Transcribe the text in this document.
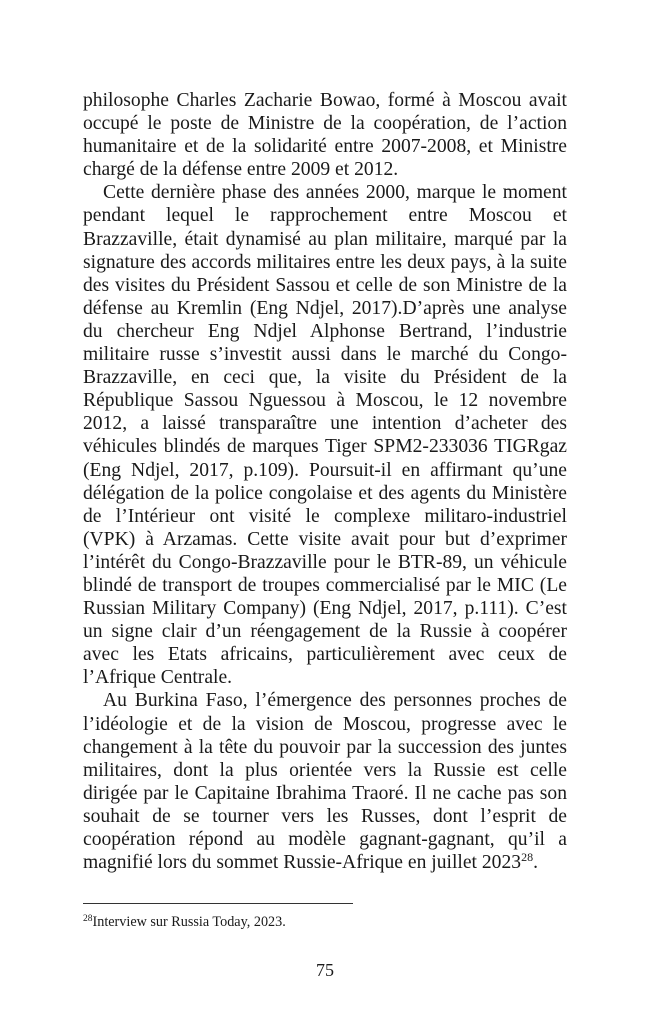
philosophe Charles Zacharie Bowao, formé à Moscou avait occupé le poste de Ministre de la coopération, de l’action humanitaire et de la solidarité entre 2007-2008, et Ministre chargé de la défense entre 2009 et 2012.

Cette dernière phase des années 2000, marque le moment pendant lequel le rapprochement entre Moscou et Brazzaville, était dynamisé au plan militaire, marqué par la signature des accords militaires entre les deux pays, à la suite des visites du Président Sassou et celle de son Ministre de la défense au Kremlin (Eng Ndjel, 2017).D’après une analyse du chercheur Eng Ndjel Alphonse Bertrand, l’industrie militaire russe s’investit aussi dans le marché du Congo-Brazzaville, en ceci que, la visite du Président de la République Sassou Nguessou à Moscou, le 12 novembre 2012, a laissé transparaître une intention d’acheter des véhicules blindés de marques Tiger SPM2-233036 TIGRgaz (Eng Ndjel, 2017, p.109). Poursuit-il en affirmant qu’une délégation de la police congolaise et des agents du Ministère de l’Intérieur ont visité le complexe militaro-industriel (VPK) à Arzamas. Cette visite avait pour but d’exprimer l’intérêt du Congo-Brazzaville pour le BTR-89, un véhicule blindé de transport de troupes commercialisé par le MIC (Le Russian Military Company) (Eng Ndjel, 2017, p.111). C’est un signe clair d’un réengagement de la Russie à coopérer avec les Etats africains, particulièrement avec ceux de l’Afrique Centrale.

Au Burkina Faso, l’émergence des personnes proches de l’idéologie et de la vision de Moscou, progresse avec le changement à la tête du pouvoir par la succession des juntes militaires, dont la plus orientée vers la Russie est celle dirigée par le Capitaine Ibrahima Traoré. Il ne cache pas son souhait de se tourner vers les Russes, dont l’esprit de coopération répond au modèle gagnant-gagnant, qu’il a magnifié lors du sommet Russie-Afrique en juillet 2023$^{28}$.

$^{28}$Interview sur Russia Today, 2023.

75
